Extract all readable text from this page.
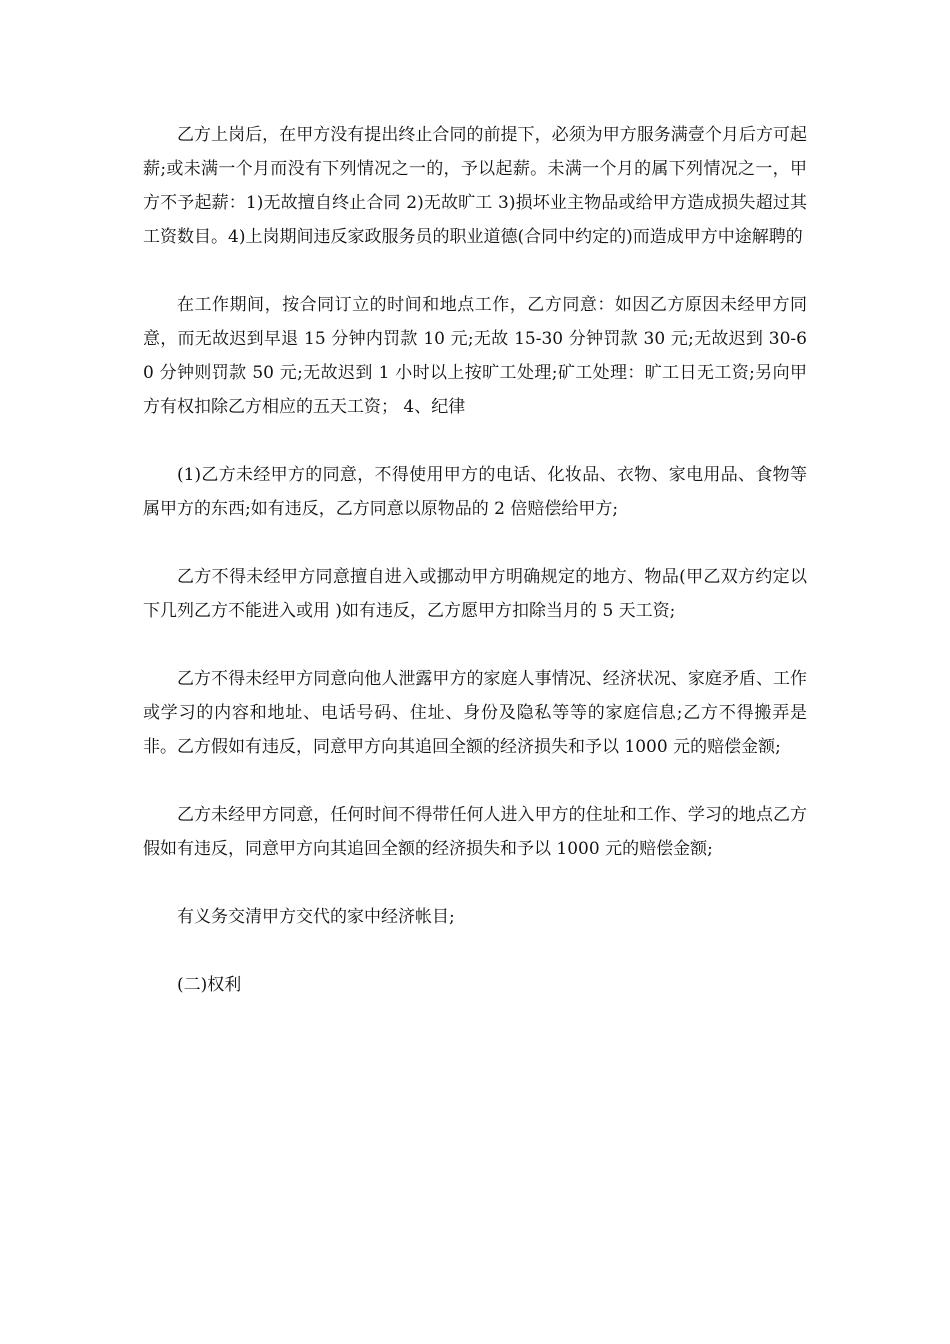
乙方上岗后，在甲方没有提出终止合同的前提下，必须为甲方服务满壹个月后方可起薪;或未满一个月而没有下列情况之一的，予以起薪。未满一个月的属下列情况之一，甲方不予起薪：1)无故擅自终止合同 2)无故旷工 3)损坏业主物品或给甲方造成损失超过其工资数目。4)上岗期间违反家政服务员的职业道德(合同中约定的)而造成甲方中途解聘的

在工作期间，按合同订立的时间和地点工作，乙方同意：如因乙方原因未经甲方同意，而无故迟到早退 15 分钟内罚款 10 元;无故 15-30 分钟罚款 30 元;无故迟到 30-60 分钟则罚款 50 元;无故迟到 1 小时以上按旷工处理;矿工处理：旷工日无工资;另向甲方有权扣除乙方相应的五天工资； 4、纪律

(1)乙方未经甲方的同意，不得使用甲方的电话、化妆品、衣物、家电用品、食物等属甲方的东西;如有违反，乙方同意以原物品的 2 倍赔偿给甲方;

乙方不得未经甲方同意擅自进入或挪动甲方明确规定的地方、物品(甲乙双方约定以下几列乙方不能进入或用 )如有违反，乙方愿甲方扣除当月的 5 天工资;

乙方不得未经甲方同意向他人泄露甲方的家庭人事情况、经济状况、家庭矛盾、工作或学习的内容和地址、电话号码、住址、身份及隐私等等的家庭信息;乙方不得搬弄是非。乙方假如有违反，同意甲方向其追回全额的经济损失和予以 1000 元的赔偿金额;

乙方未经甲方同意，任何时间不得带任何人进入甲方的住址和工作、学习的地点乙方假如有违反，同意甲方向其追回全额的经济损失和予以 1000 元的赔偿金额;

有义务交清甲方交代的家中经济帐目;

(二)权利
